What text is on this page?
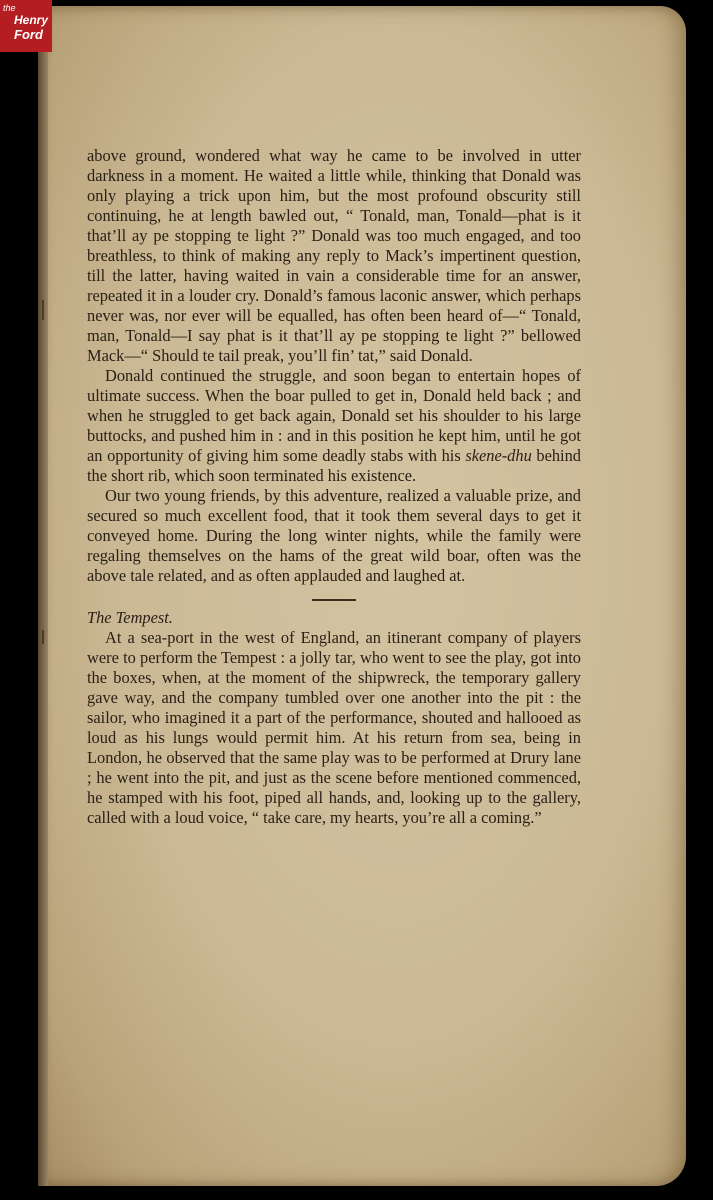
the
Henry
Ford

above ground, wondered what way he came to be involved in utter darkness in a moment. He waited a little while, thinking that Donald was only playing a trick upon him, but the most profound obscurity still continuing, he at length bawled out, “ Tonald, man, Tonald—phat is it that’ll ay pe stopping te light ?” Donald was too much engaged, and too breathless, to think of making any reply to Mack’s impertinent question, till the latter, having waited in vain a considerable time for an answer, repeated it in a louder cry. Donald’s famous laconic answer, which perhaps never was, nor ever will be equalled, has often been heard of—“ Tonald, man, Tonald—I say phat is it that’ll ay pe stopping te light ?” bellowed Mack—“ Should te tail preak, you’ll fin’ tat,” said Donald.

Donald continued the struggle, and soon began to entertain hopes of ultimate success. When the boar pulled to get in, Donald held back ; and when he struggled to get back again, Donald set his shoulder to his large buttocks, and pushed him in : and in this position he kept him, until he got an opportunity of giving him some deadly stabs with his skene-dhu behind the short rib, which soon terminated his existence.

Our two young friends, by this adventure, realized a valuable prize, and secured so much excellent food, that it took them several days to get it conveyed home. During the long winter nights, while the family were regaling themselves on the hams of the great wild boar, often was the above tale related, and as often applauded and laughed at.

The Tempest.

At a sea-port in the west of England, an itinerant company of players were to perform the Tempest : a jolly tar, who went to see the play, got into the boxes, when, at the moment of the shipwreck, the temporary gallery gave way, and the company tumbled over one another into the pit : the sailor, who imagined it a part of the performance, shouted and hallooed as loud as his lungs would permit him. At his return from sea, being in London, he observed that the same play was to be performed at Drury lane ; he went into the pit, and just as the scene before mentioned commenced, he stamped with his foot, piped all hands, and, looking up to the gallery, called with a loud voice, “ take care, my hearts, you’re all a coming.”
